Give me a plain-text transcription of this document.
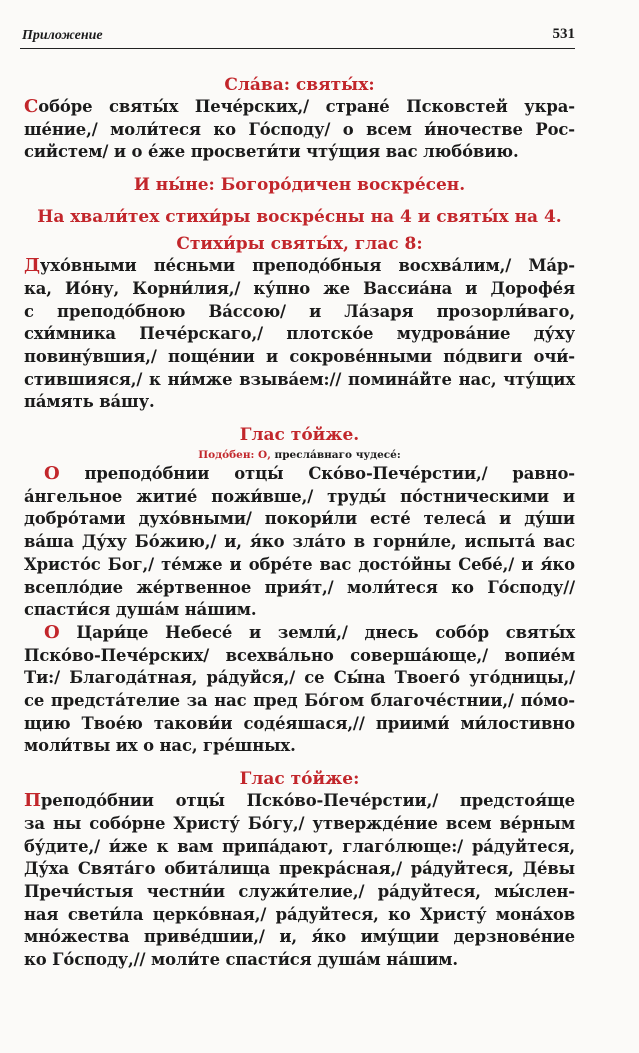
Приложение	531

Сла́ва: святы́х:

Собо́ре святы́х Пече́рских,/ стране́ Псковстей укра-
ше́ние,/ моли́теся ко Го́споду/ о всем и́ночестве Рос-
сийстем/ и о е́же просвети́ти чту́щия вас любо́вию.

И ны́не: Богоро́дичен воскре́сен.

На хвали́тех стихи́ры воскре́сны на 4 и святы́х на 4.

Стихи́ры святы́х, глас 8:

Духо́вными пе́сньми преподо́бныя восхва́лим,/ Ма́р-
ка, Ио́ну, Корни́лия,/ ку́пно же Вассиа́на и Дорофе́я
с преподо́бною Ва́ссою/ и Ла́заря прозорли́ваго,
схи́мника Пече́рскаго,/ плотско́е мудрова́ние ду́ху
повину́вшия,/ поще́нии и сокрове́нными по́двиги очи́-
стившияся,/ к ни́мже взыва́ем:// помина́йте нас, чту́щих
па́мять ва́шу.

Глас то́йже.

Подо́бен: О, пресла́внаго чудесе́:

О преподо́бнии отцы́ Ско́во-Пече́рстии,/ равно-
а́нгельное житие́ пожи́вше,/ труды́ по́стническими и
добро́тами духо́вными/ покори́ли есте́ телеса́ и ду́ши
ва́ша Ду́ху Бо́жию,/ и, я́ко зла́то в горни́ле, испыта́ вас
Христо́с Бог,/ те́мже и обре́те вас досто́йны Себе́,/ и я́ко
всепло́дие же́ртвенное прия́т,/ моли́теся ко Го́споду//
спасти́ся душа́м на́шим.
О Цари́це Небесе́ и земли́,/ днесь собо́р святы́х
Пско́во-Пече́рских/ всехва́льно соверша́юще,/ вопие́м
Ти:/ Благода́тная, ра́дуйся,/ се Сы́на Твоего́ уго́дницы,/
се предста́телие за нас пред Бо́гом благоче́стнии,/ по́мо-
щию Твое́ю такови́и соде́яшася,// приими́ ми́лостивно
моли́твы их о нас, гре́шных.

Глас то́йже:

Преподо́бнии отцы́ Пско́во-Пече́рстии,/ предстоя́ще
за ны собо́рне Христу́ Бо́гу,/ утвержде́ние всем ве́рным
бу́дите,/ и́же к вам припа́дают, глаго́люще:/ ра́дуйтеся,
Ду́ха Свята́го обита́лища прекра́сная,/ ра́дуйтеся, Де́вы
Пречи́стыя честни́и служи́телие,/ ра́дуйтеся, мы́слен-
ная свети́ла церко́вная,/ ра́дуйтеся, ко Христу́ мона́хов
мно́жества приве́дшии,/ и, я́ко иму́щии дерзнове́ние
ко Го́споду,// моли́те спасти́ся душа́м на́шим.
